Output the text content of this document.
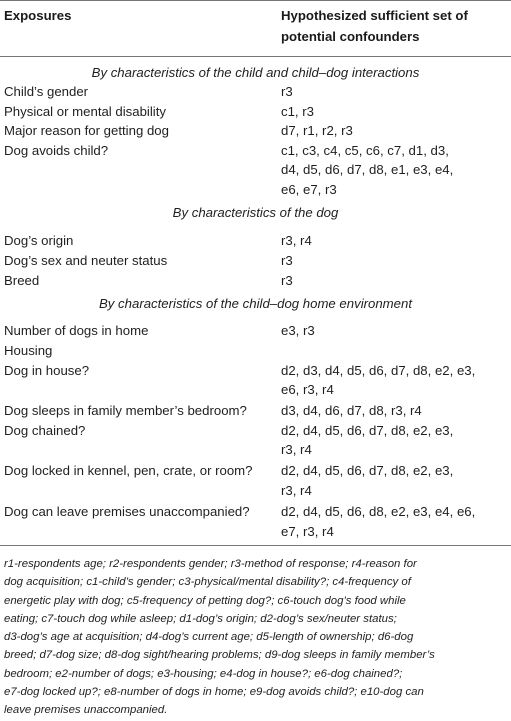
Exposures	Hypothesized sufficient set of
potential confounders
By characteristics of the child and child–dog interactions
Child’s gender	r3
Physical or mental disability	c1, r3
Major reason for getting dog	d7, r1, r2, r3
Dog avoids child?	c1, c3, c4, c5, c6, c7, d1, d3,
d4, d5, d6, d7, d8, e1, e3, e4,
e6, e7, r3
By characteristics of the dog
Dog’s origin	r3, r4
Dog’s sex and neuter status	r3
Breed	r3
By characteristics of the child–dog home environment
Number of dogs in home	e3, r3
Housing
Dog in house?	d2, d3, d4, d5, d6, d7, d8, e2, e3,
e6, r3, r4
Dog sleeps in family member’s bedroom?	d3, d4, d6, d7, d8, r3, r4
Dog chained?	d2, d4, d5, d6, d7, d8, e2, e3,
r3, r4
Dog locked in kennel, pen, crate, or room?	d2, d4, d5, d6, d7, d8, e2, e3,
r3, r4
Dog can leave premises unaccompanied?	d2, d4, d5, d6, d8, e2, e3, e4, e6,
e7, r3, r4
r1-respondents age; r2-respondents gender; r3-method of response; r4-reason for
dog acquisition; c1-child’s gender; c3-physical/mental disability?; c4-frequency of
energetic play with dog; c5-frequency of petting dog?; c6-touch dog’s food while
eating; c7-touch dog while asleep; d1-dog’s origin; d2-dog’s sex/neuter status;
d3-dog’s age at acquisition; d4-dog’s current age; d5-length of ownership; d6-dog
breed; d7-dog size; d8-dog sight/hearing problems; d9-dog sleeps in family member’s
bedroom; e2-number of dogs; e3-housing; e4-dog in house?; e6-dog chained?;
e7-dog locked up?; e8-number of dogs in home; e9-dog avoids child?; e10-dog can
leave premises unaccompanied.
